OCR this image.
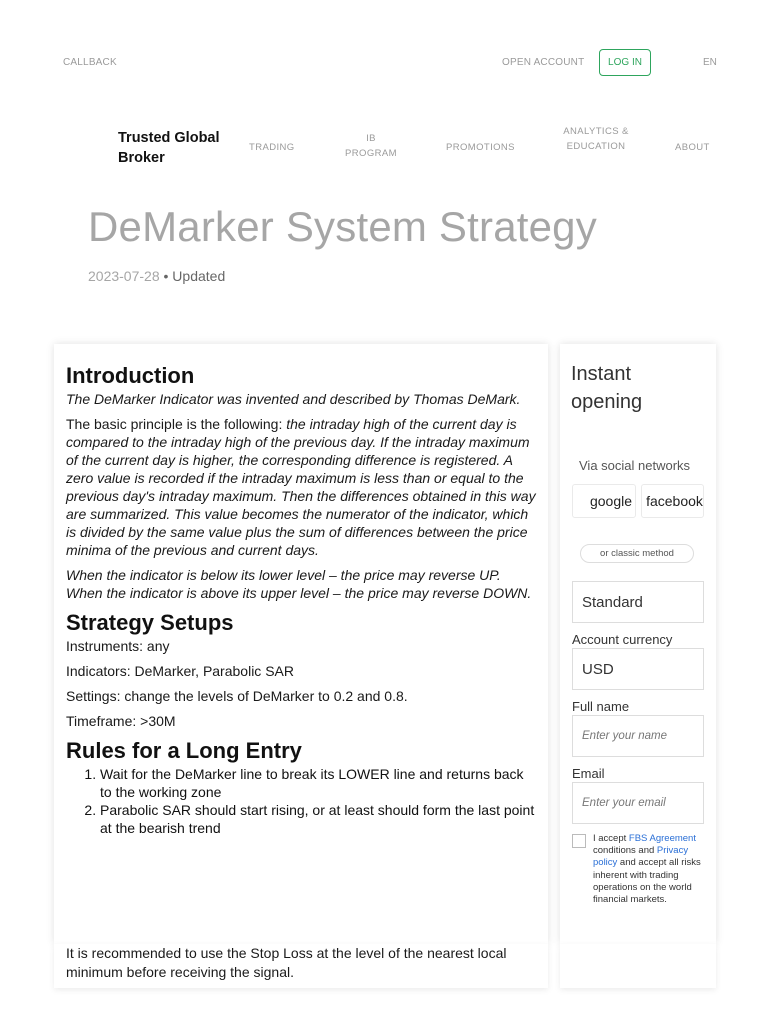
CALLBACK	OPEN ACCOUNT	LOG IN	EN
Trusted Global Broker
TRADING
IB PROGRAM
PROMOTIONS
ANALYTICS & EDUCATION	ABOUT
DeMarker System Strategy
2023-07-28 • Updated
Introduction

The DeMarker Indicator was invented and described by Thomas DeMark.

The basic principle is the following: the intraday high of the current day is compared to the intraday high of the previous day. If the intraday maximum of the current day is higher, the corresponding difference is registered. A zero value is recorded if the intraday maximum is less than or equal to the previous day's intraday maximum. Then the differences obtained in this way are summarized. This value becomes the numerator of the indicator, which is divided by the same value plus the sum of differences between the price minima of the previous and current days.

When the indicator is below its lower level – the price may reverse UP. When the indicator is above its upper level – the price may reverse DOWN.

Strategy Setups

Instruments: any

Indicators: DeMarker, Parabolic SAR

Settings: change the levels of DeMarker to 0.2 and 0.8.

Timeframe: >30M

Rules for a Long Entry
1. Wait for the DeMarker line to break its LOWER line and returns back to the working zone
2. Parabolic SAR should start rising, or at least should form the last point at the bearish trend

It is recommended to use the Stop Loss at the level of the nearest local minimum before receiving the signal.

Instant opening
Via social networks
google	facebook
or classic method
Standard
Account currency
USD
Full name
Enter your name
Email
Enter your email
I accept FBS Agreement conditions and Privacy policy and accept all risks inherent with trading operations on the world financial markets.
